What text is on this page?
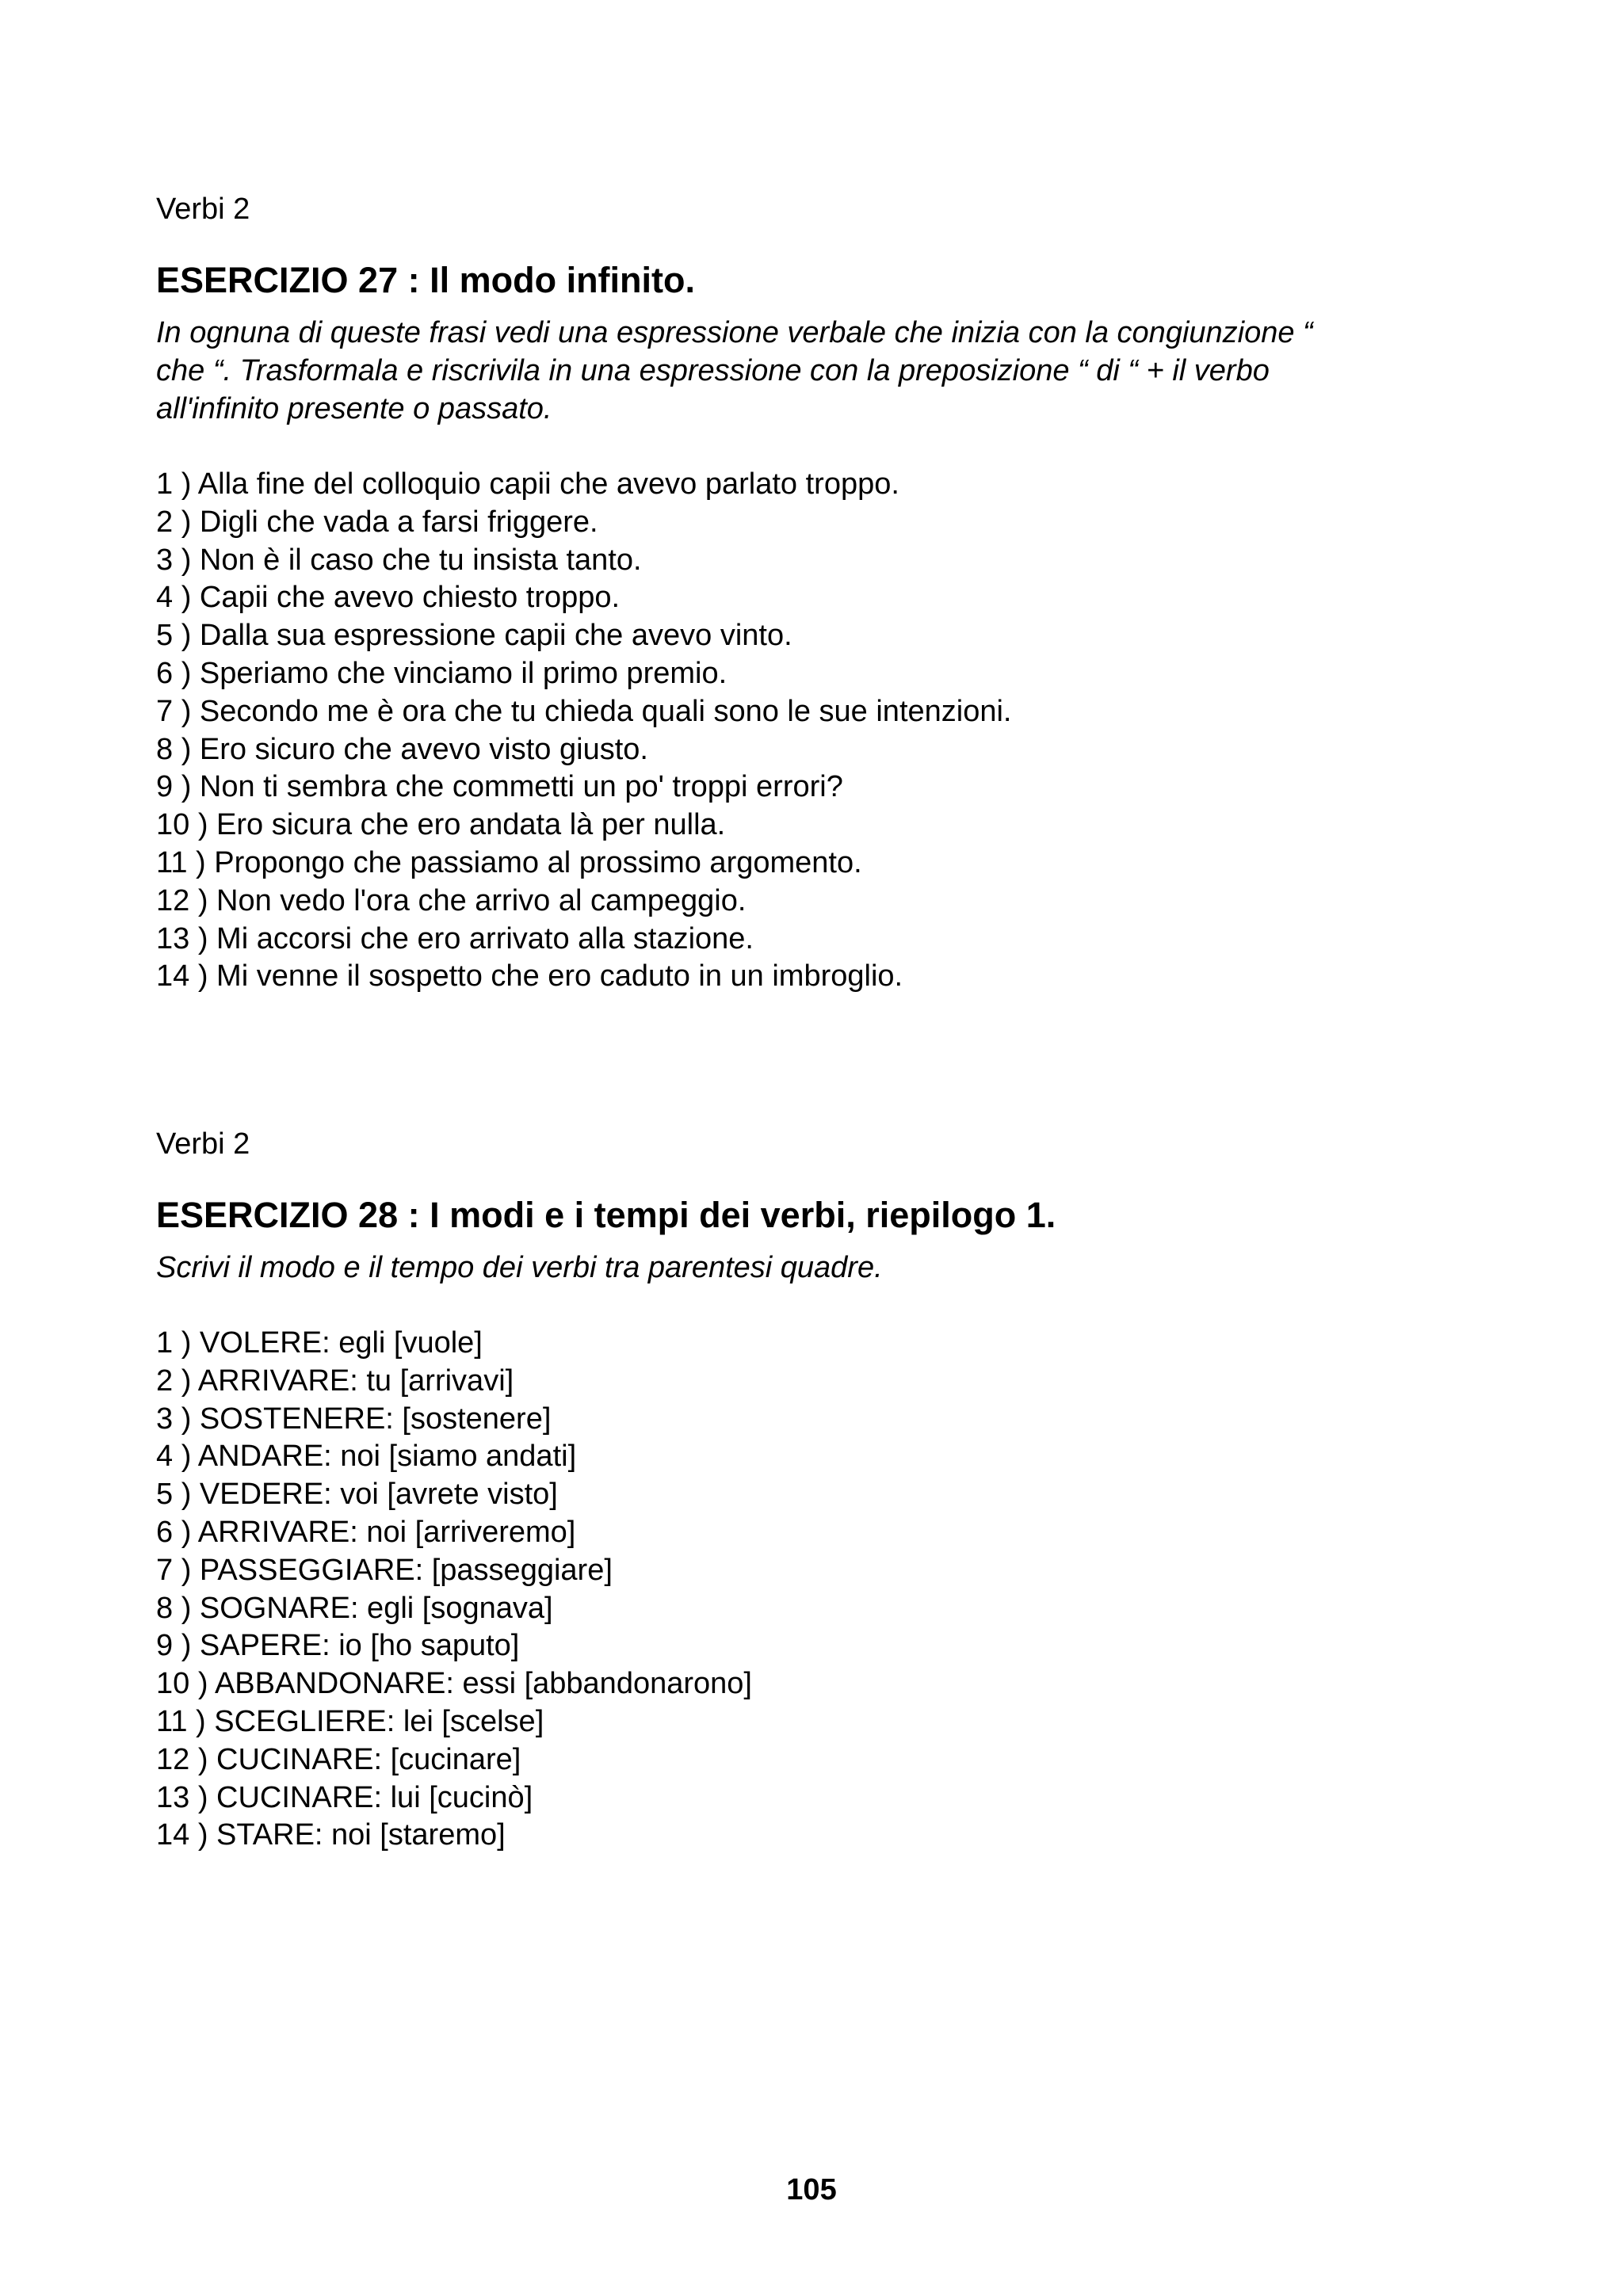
Verbi 2

ESERCIZIO 27 : Il modo infinito.

In ognuna di queste frasi vedi una espressione verbale che inizia con la congiunzione “
che “. Trasformala e riscrivila in una espressione con la preposizione “ di “ + il verbo
all'infinito presente o passato.

1 ) Alla fine del colloquio capii che avevo parlato troppo.
2 ) Digli che vada a farsi friggere.
3 ) Non è il caso che tu insista tanto.
4 ) Capii che avevo chiesto troppo.
5 ) Dalla sua espressione capii che avevo vinto.
6 ) Speriamo che vinciamo il primo premio.
7 ) Secondo me è ora che tu chieda quali sono le sue intenzioni.
8 ) Ero sicuro che avevo visto giusto.
9 ) Non ti sembra che commetti un po' troppi errori?
10 ) Ero sicura che ero andata là per nulla.
11 ) Propongo che passiamo al prossimo argomento.
12 ) Non vedo l'ora che arrivo al campeggio.
13 ) Mi accorsi che ero arrivato alla stazione.
14 ) Mi venne il sospetto che ero caduto in un imbroglio.

Verbi 2

ESERCIZIO 28 : I modi e i tempi dei verbi, riepilogo 1.

Scrivi il modo e il tempo dei verbi tra parentesi quadre.

1 ) VOLERE: egli [vuole]
2 ) ARRIVARE: tu [arrivavi]
3 ) SOSTENERE: [sostenere]
4 ) ANDARE: noi [siamo andati]
5 ) VEDERE: voi [avrete visto]
6 ) ARRIVARE: noi [arriveremo]
7 ) PASSEGGIARE: [passeggiare]
8 ) SOGNARE: egli [sognava]
9 ) SAPERE: io [ho saputo]
10 ) ABBANDONARE: essi [abbandonarono]
11 ) SCEGLIERE: lei [scelse]
12 ) CUCINARE: [cucinare]
13 ) CUCINARE: lui [cucinò]
14 ) STARE: noi [staremo]
105
